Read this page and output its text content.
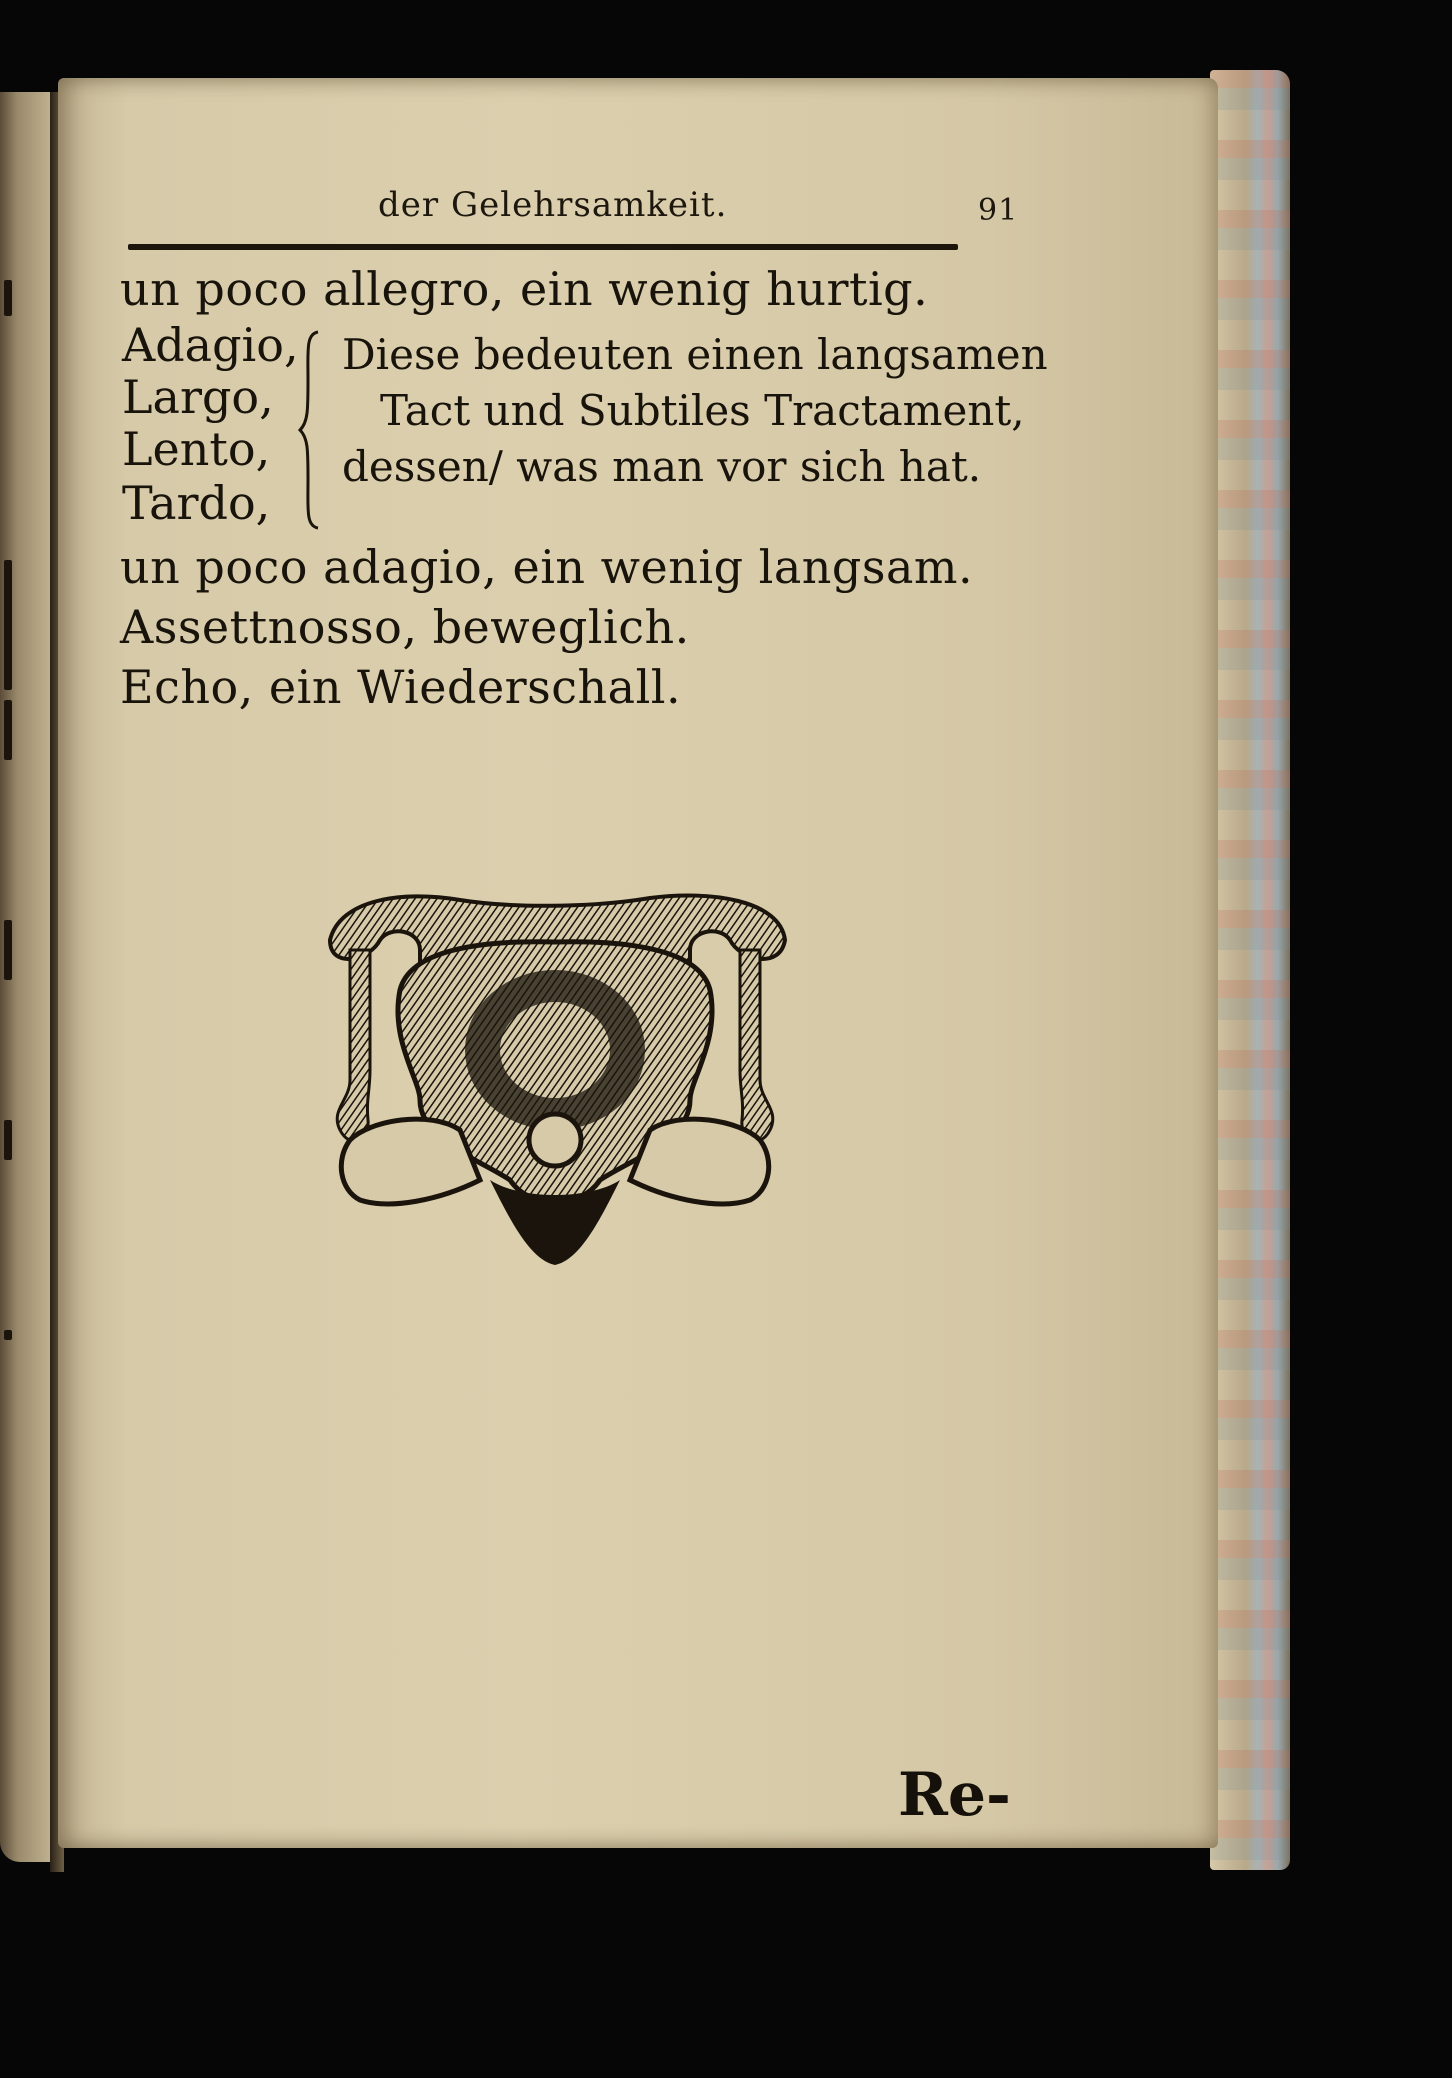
der Gelehrsamkeit.	91
un poco allegro, ein wenig hurtig.
Adagio,
Largo,
Lento,
Tardo,
Diese bedeuten einen langsamen
Tact und Subtiles Tractament,
dessen/ was man vor sich hat.
un poco adagio, ein wenig langsam.
Assettnosso, beweglich.
Echo, ein Wiederschall.
Re-
